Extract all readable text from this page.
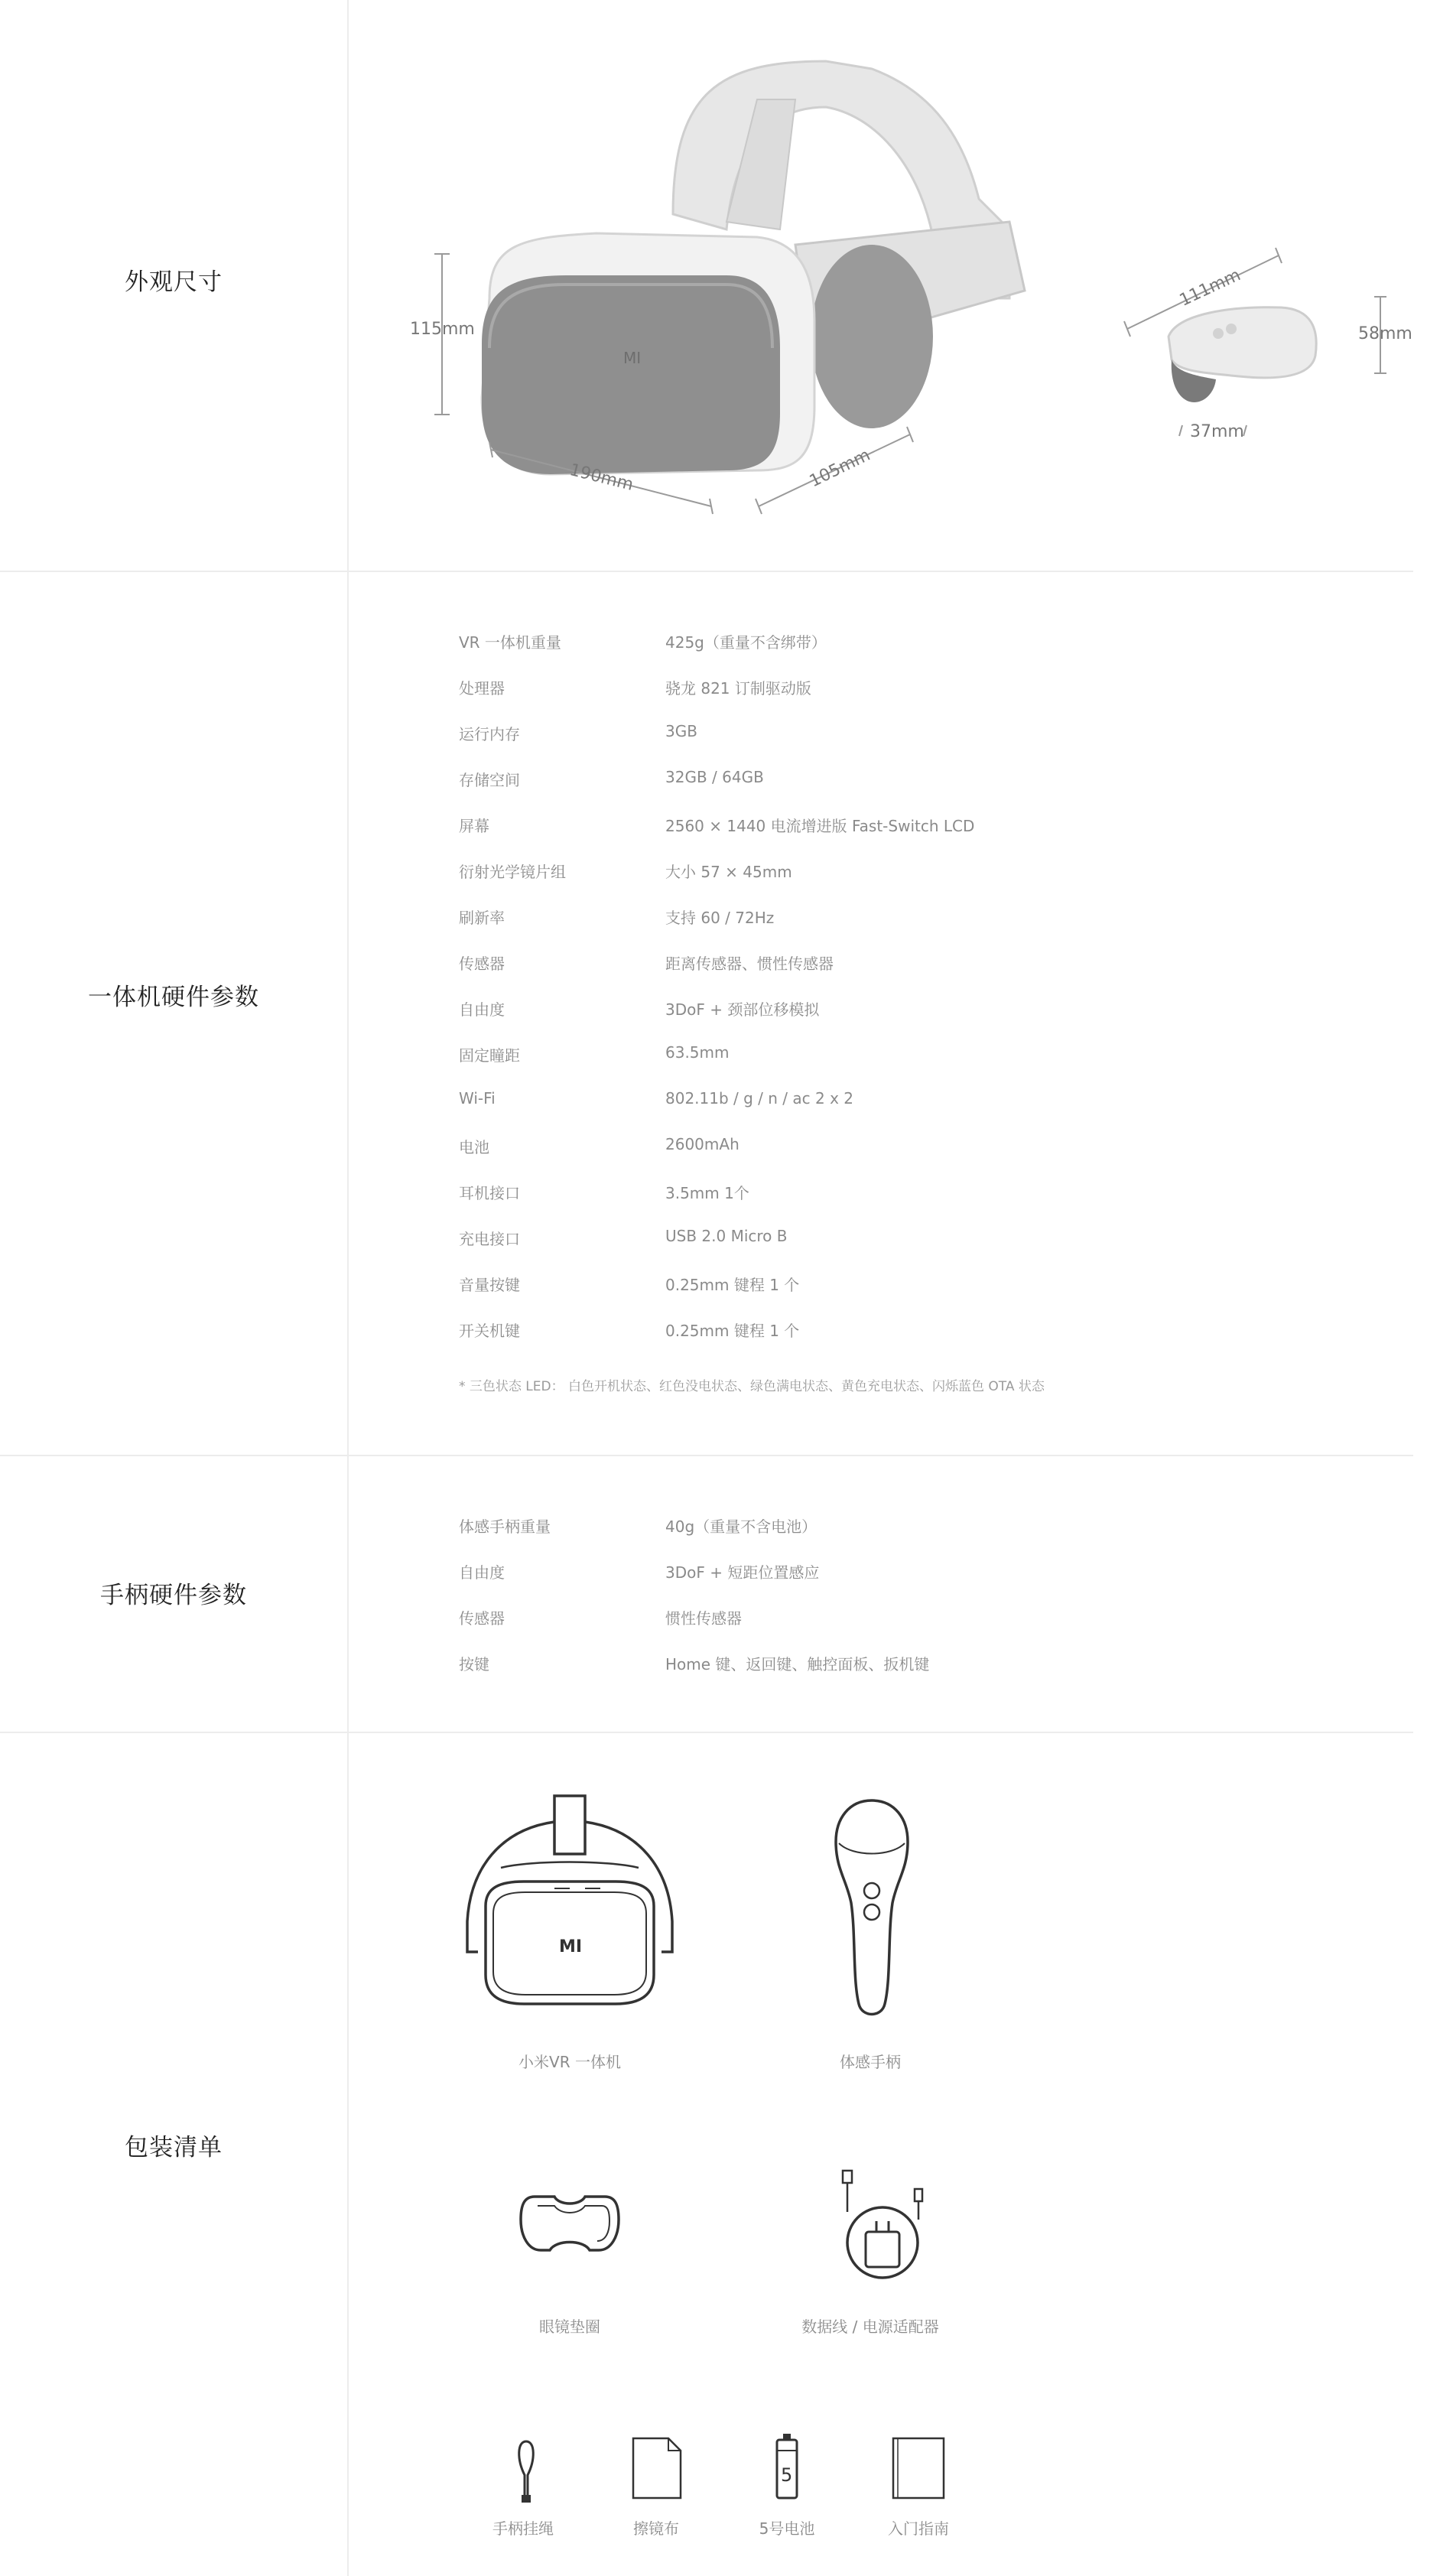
外观尺寸
MI
115mm
190mm	105mm
111mm
58mm
37mm
一体机硬件参数
VR 一体机重量	425g（重量不含绑带）
处理器	骁龙 821 订制驱动版
运行内存	3GB
存储空间	32GB / 64GB
屏幕	2560 × 1440 电流增进版 Fast-Switch LCD
衍射光学镜片组	大小 57 × 45mm
刷新率	支持 60 / 72Hz
传感器	距离传感器、惯性传感器
自由度	3DoF + 颈部位移模拟
固定瞳距	63.5mm
Wi-Fi	802.11b / g / n / ac 2 x 2
电池	2600mAh
耳机接口	3.5mm 1个
充电接口	USB 2.0 Micro B
音量按键	0.25mm 键程 1 个
开关机键	0.25mm 键程 1 个
* 三色状态 LED： 白色开机状态、红色没电状态、绿色满电状态、黄色充电状态、闪烁蓝色 OTA 状态
手柄硬件参数
体感手柄重量	40g（重量不含电池）
自由度	3DoF + 短距位置感应
传感器	惯性传感器
按键	Home 键、返回键、触控面板、扳机键
包装清单
MI
小米VR 一体机	体感手柄
眼镜垫圈	数据线 / 电源适配器
手柄挂绳	擦镜布
5
5号电池	入门指南
